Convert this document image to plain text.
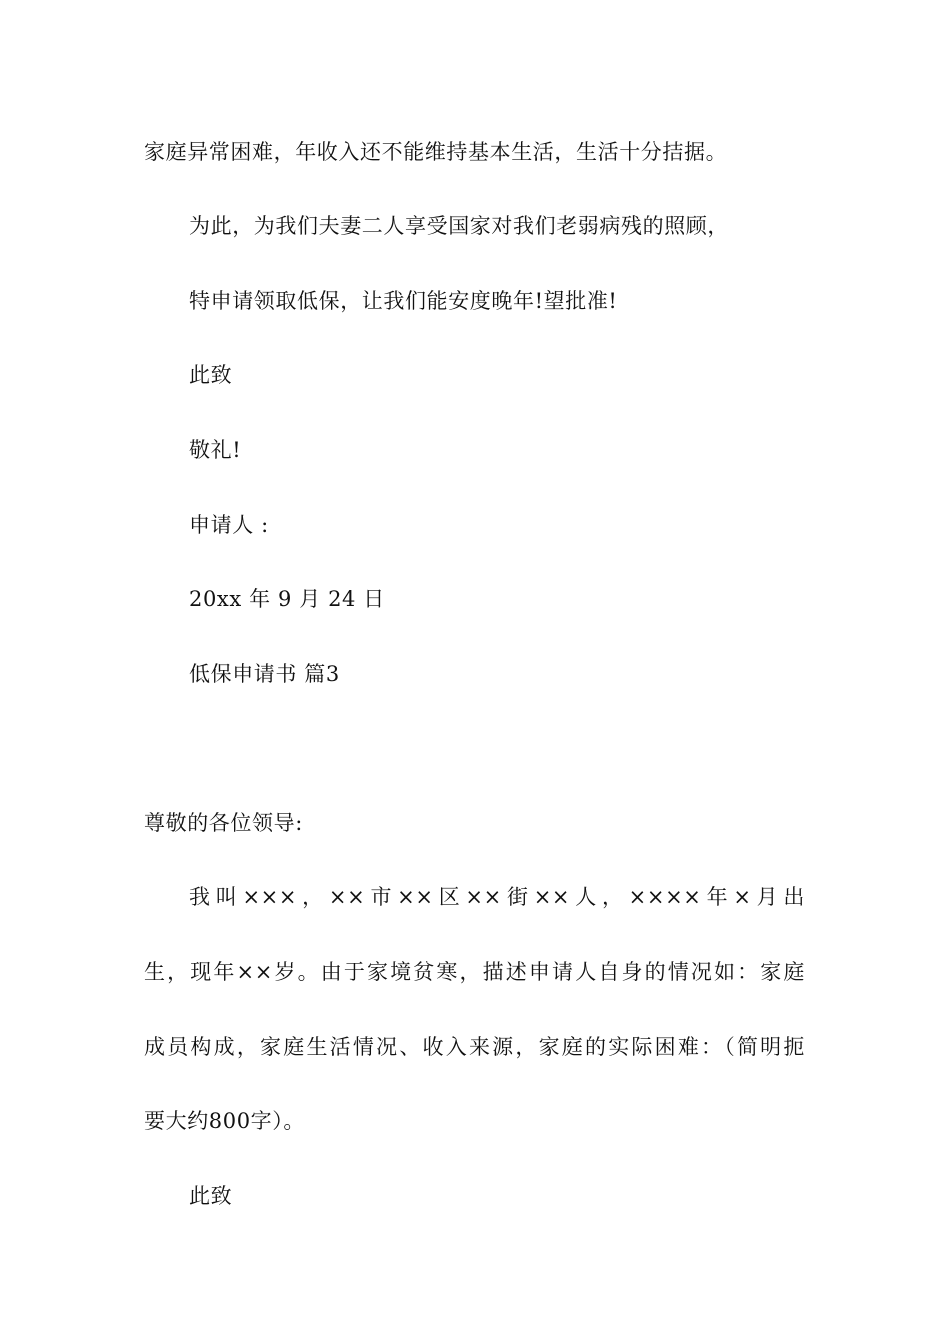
家庭异常困难，年收入还不能维持基本生活，生活十分拮据。

为此，为我们夫妻二人享受国家对我们老弱病残的照顾，

特申请领取低保，让我们能安度晚年!望批准!

此致

敬礼!

申请人 :

20xx 年 9 月 24 日

低保申请书 篇3

尊敬的各位领导:

我叫×××，××市××区××街××人，××××年×月出

生，现年××岁。由于家境贫寒，描述申请人自身的情况如：家庭

成员构成，家庭生活情况、收入来源，家庭的实际困难：（简明扼

要大约800字）。

此致
